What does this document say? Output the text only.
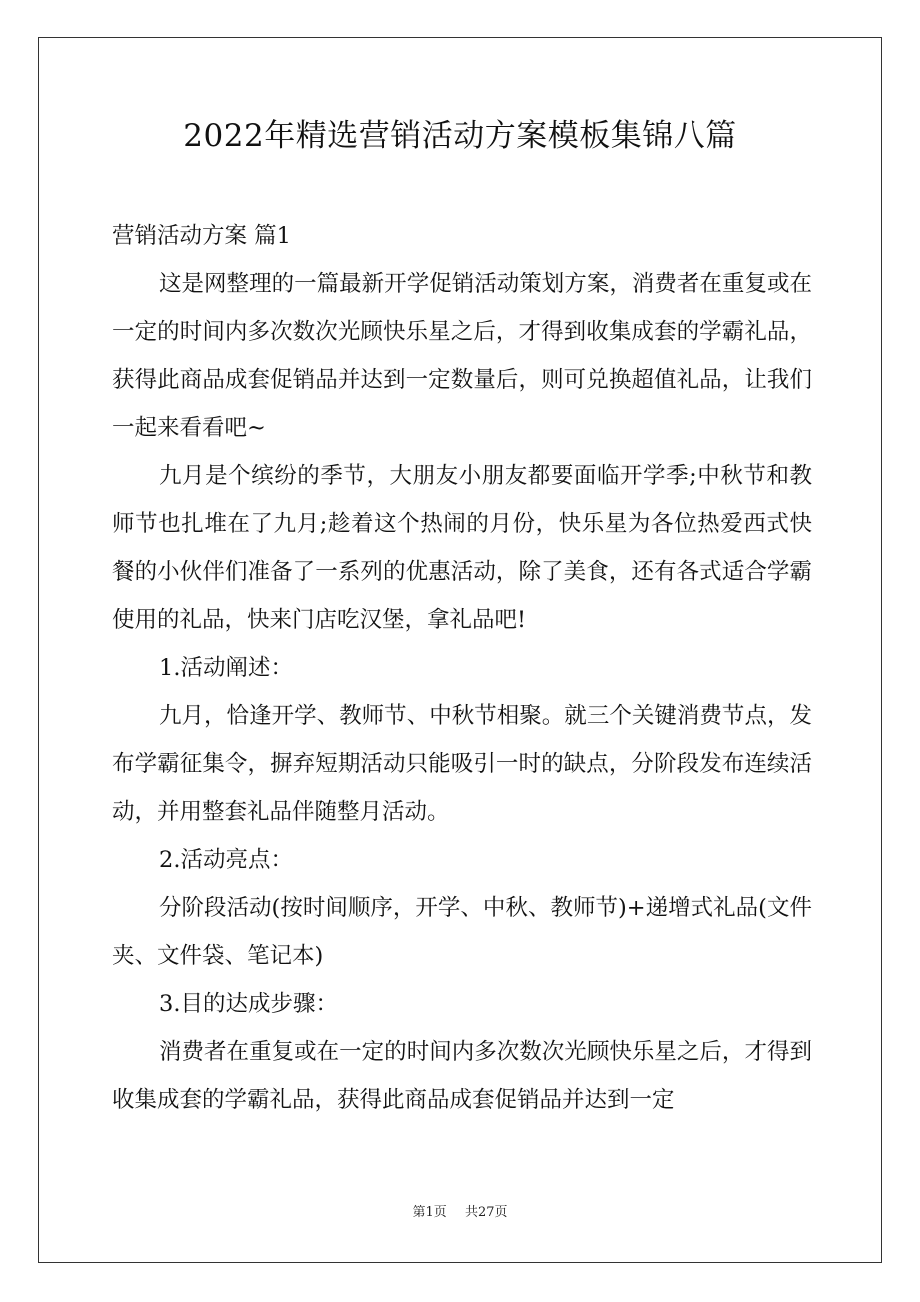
2022年精选营销活动方案模板集锦八篇

营销活动方案 篇1

这是网整理的一篇最新开学促销活动策划方案，消费者在重复或在一定的时间内多次数次光顾快乐星之后，才得到收集成套的学霸礼品，获得此商品成套促销品并达到一定数量后，则可兑换超值礼品，让我们一起来看看吧~

九月是个缤纷的季节，大朋友小朋友都要面临开学季;中秋节和教师节也扎堆在了九月;趁着这个热闹的月份，快乐星为各位热爱西式快餐的小伙伴们准备了一系列的优惠活动，除了美食，还有各式适合学霸使用的礼品，快来门店吃汉堡，拿礼品吧!

1.活动阐述：

九月，恰逢开学、教师节、中秋节相聚。就三个关键消费节点，发布学霸征集令，摒弃短期活动只能吸引一时的缺点，分阶段发布连续活动，并用整套礼品伴随整月活动。

2.活动亮点：

分阶段活动(按时间顺序，开学、中秋、教师节)+递增式礼品(文件夹、文件袋、笔记本)

3.目的达成步骤：

消费者在重复或在一定的时间内多次数次光顾快乐星之后，才得到收集成套的学霸礼品，获得此商品成套促销品并达到一定

第1页 共27页
